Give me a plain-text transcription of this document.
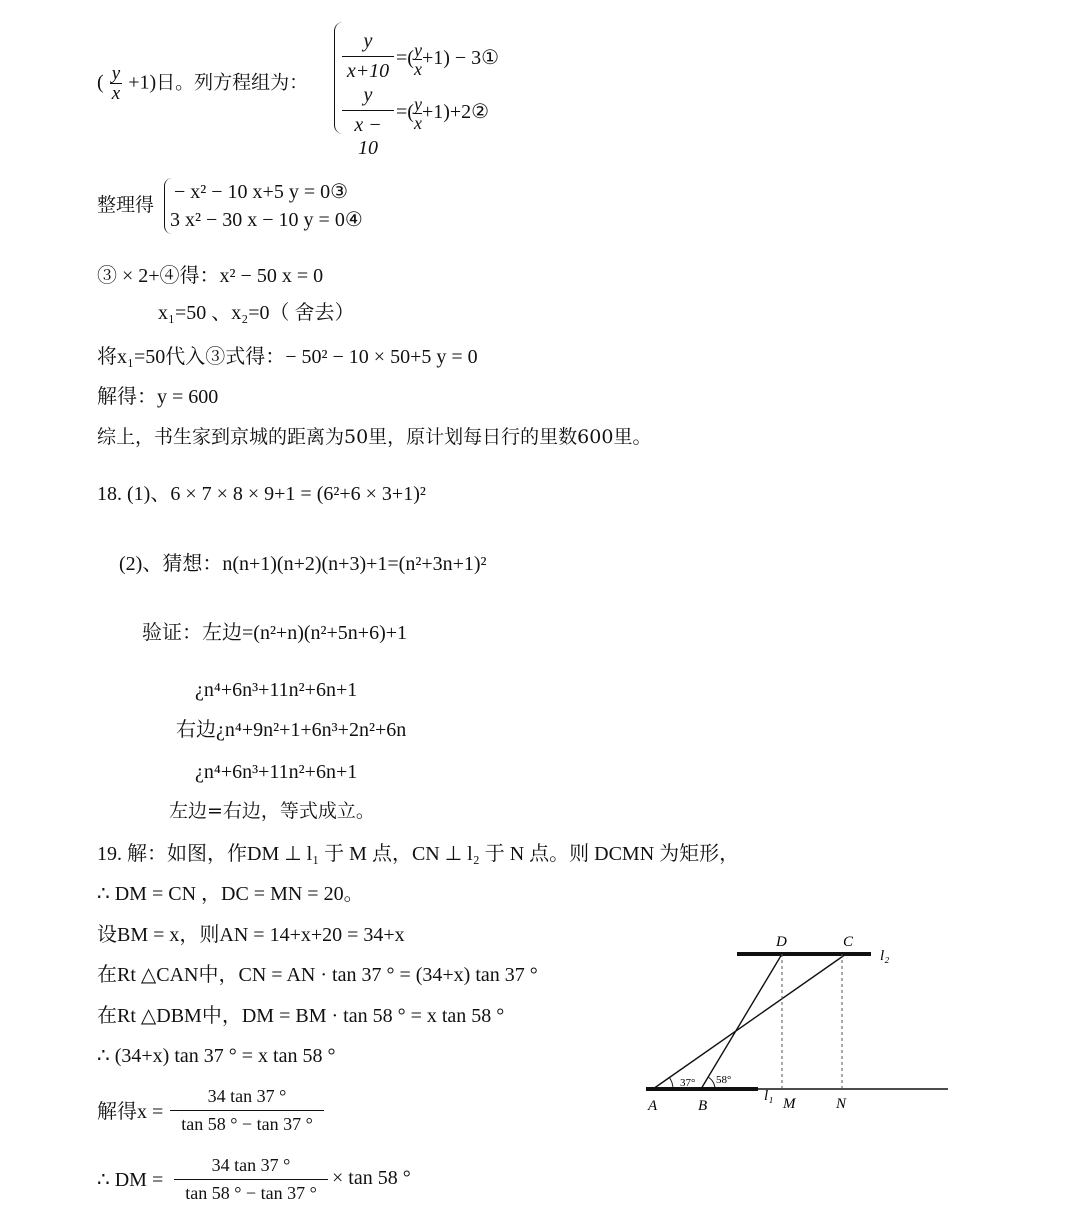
( $\frac{y}{x} +1$)日。列方程组为： $\frac{y}{x+10}$ =( $\frac{y}{x} +1$) − 3①
$\frac{y}{x - 10}$ =( $\frac{y}{x}$ +1)+2②
整理得
− x² − 10 x+5 y = 0③
3 x² − 30 x − 10 y = 0④
③ × 2+④得：x² − 50 x = 0
x₁=50 、x₂=0（ 舍去）
将x₁=50代入③式得：− 50² − 10 × 50+5 y = 0
解得：y = 600
综上，书生家到京城的距离为50里，原计划每日行的里数600里。
18. (1)、6 × 7 × 8 × 9+1 = (6²+6 × 3+1)²
(2)、猜想：n(n+1)(n+2)(n+3)+1=(n²+3n+1)²
验证：左边=(n²+n)(n²+5n+6)+1
¿n⁴+6n³+11n²+6n+1
右边¿n⁴+9n²+1+6n³+2n²+6n
¿n⁴+6n³+11n²+6n+1
左边=右边，等式成立。
19. 解：如图，作DM ⊥ l₁ 于 M 点，CN ⊥ l₂ 于 N 点。则 DCMN 为矩形，
∴ DM = CN ，DC = MN = 20。
设BM = x，则AN = 14+x+20 = 34+x
在Rt △CAN中，CN = AN · tan 37 ° = (34+x) tan 37 °
在Rt △DBM中，DM = BM · tan 58 ° = x tan 58 °
∴ (34+x) tan 37 ° = x tan 58 °
解得$x = \frac{34 \tan 37 ^\circ}{\tan 58 ^\circ - \tan 37 ^\circ}$
∴ DM = $\frac{34 \tan 37 ^\circ}{\tan 58 ^\circ - \tan 37 ^\circ} \times \tan 58$ °
D	C
l₂
37° 58°
l₁
A	B	M	N
